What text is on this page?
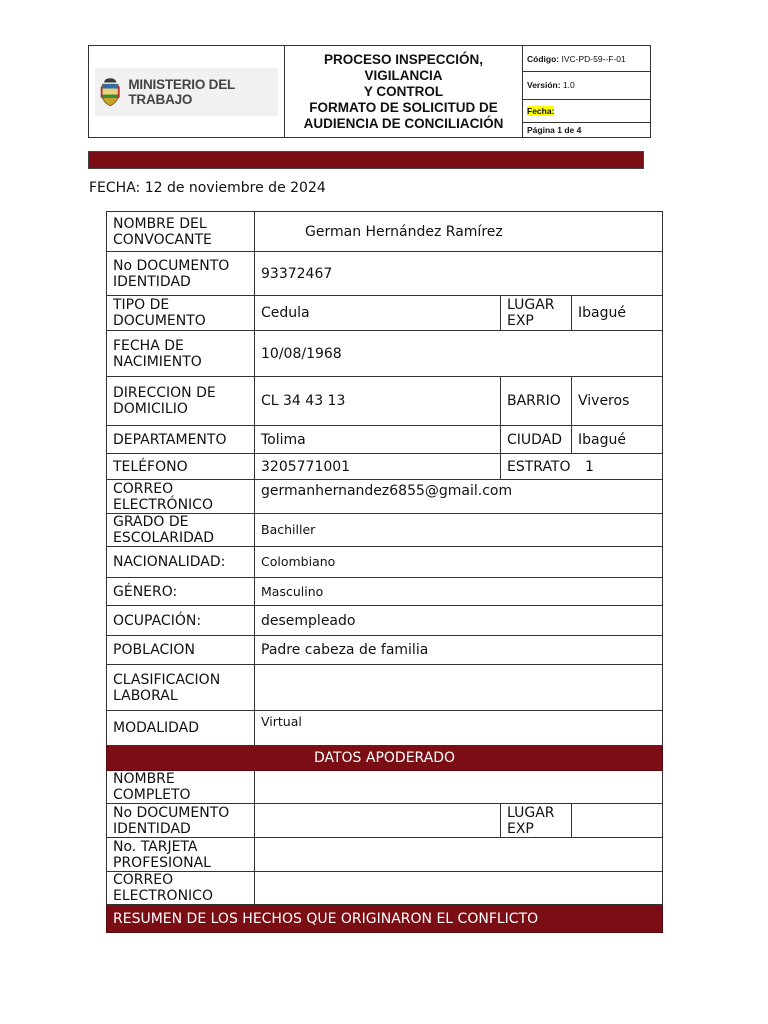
MINISTERIO DEL TRABAJO

PROCESO INSPECCIÓN, VIGILANCIA
Y CONTROL
FORMATO DE SOLICITUD DE
AUDIENCIA DE CONCILIACIÓN
	Código: IVC-PD-59--F-01
Versión: 1.0
Fecha:
Página 1 de 4
FECHA: 12 de noviembre de 2024
NOMBRE DEL CONVOCANTE	German Hernández Ramírez		
No DOCUMENTO IDENTIDAD	93372467		
TIPO DE DOCUMENTO	Cedula	LUGAR EXP	Ibagué
FECHA DE NACIMIENTO	10/08/1968		
DIRECCION DE DOMICILIO	CL 34 43 13	BARRIO	Viveros
DEPARTAMENTO	Tolima	CIUDAD	Ibagué
TELÉFONO	3205771001	ESTRATO 1	
CORREO ELECTRÓNICO	germanhernandez6855@gmail.com		
GRADO DE ESCOLARIDAD	Bachiller		
NACIONALIDAD:	Colombiano		
GÉNERO:	Masculino		
OCUPACIÓN:	desempleado		
POBLACION	Padre cabeza de familia		
CLASIFICACION LABORAL			
MODALIDAD	Virtual		
DATOS APODERADO			
NOMBRE COMPLETO			
No DOCUMENTO IDENTIDAD		LUGAR EXP	
No. TARJETA PROFESIONAL			
CORREO ELECTRONICO			
RESUMEN DE LOS HECHOS QUE ORIGINARON EL CONFLICTO			
